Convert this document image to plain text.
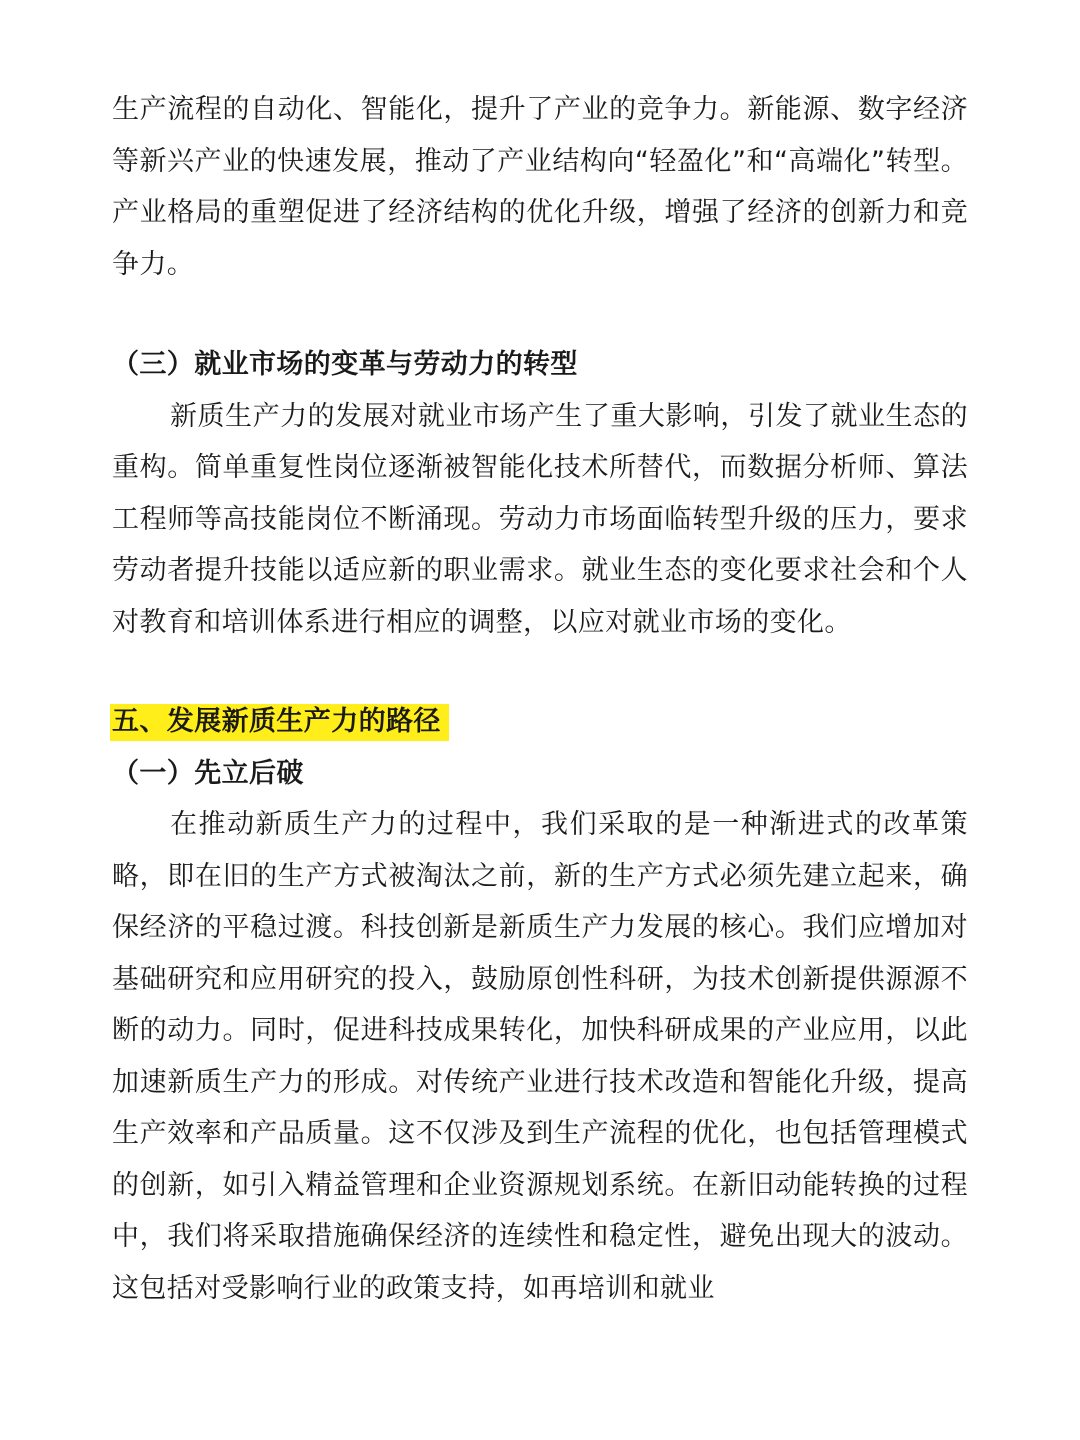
生产流程的自动化、智能化，提升了产业的竞争力。新能源、数字经济等新兴产业的快速发展，推动了产业结构向“轻盈化”和“高端化”转型。产业格局的重塑促进了经济结构的优化升级，增强了经济的创新力和竞争力。

（三）就业市场的变革与劳动力的转型

新质生产力的发展对就业市场产生了重大影响，引发了就业生态的重构。简单重复性岗位逐渐被智能化技术所替代，而数据分析师、算法工程师等高技能岗位不断涌现。劳动力市场面临转型升级的压力，要求劳动者提升技能以适应新的职业需求。就业生态的变化要求社会和个人对教育和培训体系进行相应的调整，以应对就业市场的变化。

五、发展新质生产力的路径

（一）先立后破

在推动新质生产力的过程中，我们采取的是一种渐进式的改革策略，即在旧的生产方式被淘汰之前，新的生产方式必须先建立起来，确保经济的平稳过渡。科技创新是新质生产力发展的核心。我们应增加对基础研究和应用研究的投入，鼓励原创性科研，为技术创新提供源源不断的动力。同时，促进科技成果转化，加快科研成果的产业应用，以此加速新质生产力的形成。对传统产业进行技术改造和智能化升级，提高生产效率和产品质量。这不仅涉及到生产流程的优化，也包括管理模式的创新，如引入精益管理和企业资源规划系统。在新旧动能转换的过程中，我们将采取措施确保经济的连续性和稳定性，避免出现大的波动。这包括对受影响行业的政策支持，如再培训和就业
